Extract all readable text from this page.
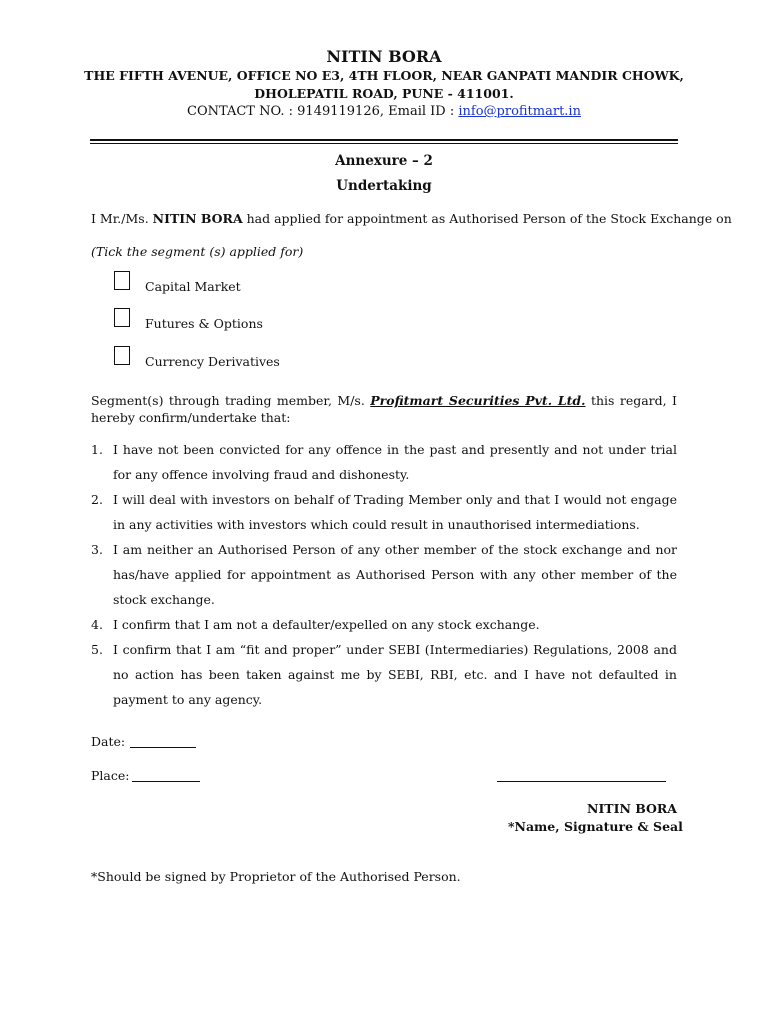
NITIN BORA
THE FIFTH AVENUE, OFFICE NO E3, 4TH FLOOR, NEAR GANPATI MANDIR CHOWK,
DHOLEPATIL ROAD, PUNE - 411001.
CONTACT NO. : 9149119126, Email ID : info@profitmart.in
Annexure – 2
Undertaking
I Mr./Ms. NITIN BORA had applied for appointment as Authorised Person of the Stock Exchange on
(Tick the segment (s) applied for)
Capital Market
Futures & Options
Currency Derivatives
Segment(s) through trading member, M/s. Profitmart Securities Pvt. Ltd. this regard, I hereby confirm/undertake that:
1. I have not been convicted for any offence in the past and presently and not under trial for any offence involving fraud and dishonesty.
2. I will deal with investors on behalf of Trading Member only and that I would not engage in any activities with investors which could result in unauthorised intermediations.
3. I am neither an Authorised Person of any other member of the stock exchange and nor has/have applied for appointment as Authorised Person with any other member of the stock exchange.
4. I confirm that I am not a defaulter/expelled on any stock exchange.
5. I confirm that I am “fit and proper” under SEBI (Intermediaries) Regulations, 2008 and no action has been taken against me by SEBI, RBI, etc. and I have not defaulted in payment to any agency.
Date:
Place:
NITIN BORA
*Name, Signature & Seal
*Should be signed by Proprietor of the Authorised Person.
